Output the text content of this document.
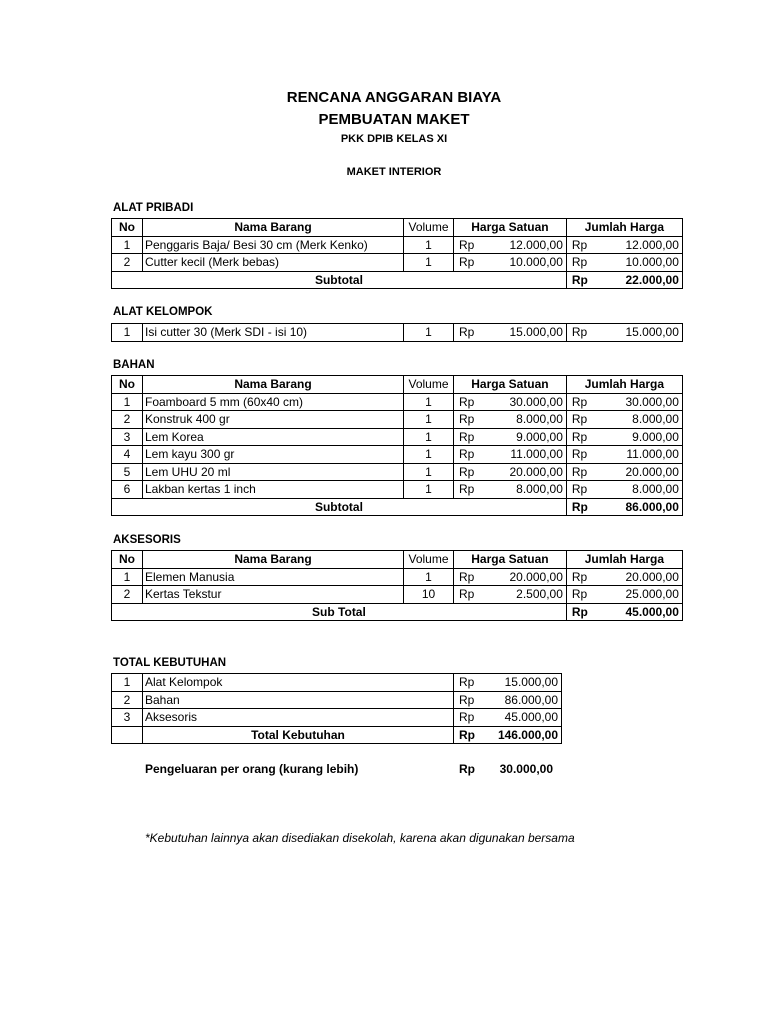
RENCANA ANGGARAN BIAYA
PEMBUATAN MAKET
PKK DPIB KELAS XI
MAKET INTERIOR
ALAT PRIBADI
No	Nama Barang	Volume	Harga Satuan		Jumlah Harga	
1	Penggaris Baja/ Besi 30 cm (Merk Kenko)	1	Rp	12.000,00	Rp	12.000,00
2	Cutter kecil (Merk bebas)	1	Rp	10.000,00	Rp	10.000,00
Subtotal					Rp	22.000,00
ALAT KELOMPOK
1	Isi cutter 30 (Merk SDI - isi 10)	1	Rp	15.000,00	Rp	15.000,00
BAHAN
No	Nama Barang	Volume	Harga Satuan		Jumlah Harga	
1	Foamboard 5 mm (60x40 cm)	1	Rp	30.000,00	Rp	30.000,00
2	Konstruk 400 gr	1	Rp	8.000,00	Rp	8.000,00
3	Lem Korea	1	Rp	9.000,00	Rp	9.000,00
4	Lem kayu 300 gr	1	Rp	11.000,00	Rp	11.000,00
5	Lem UHU 20 ml	1	Rp	20.000,00	Rp	20.000,00
6	Lakban kertas 1 inch	1	Rp	8.000,00	Rp	8.000,00
Subtotal					Rp	86.000,00
AKSESORIS
No	Nama Barang	Volume	Harga Satuan		Jumlah Harga	
1	Elemen Manusia	1	Rp	20.000,00	Rp	20.000,00
2	Kertas Tekstur	10	Rp	2.500,00	Rp	25.000,00
Sub Total					Rp	45.000,00
TOTAL KEBUTUHAN
1	Alat Kelompok	Rp	15.000,00
2	Bahan	Rp	86.000,00
3	Aksesoris	Rp	45.000,00
	Total Kebutuhan	Rp	146.000,00
Pengeluaran per orang (kurang lebih)	Rp	30.000,00
*Kebutuhan lainnya akan disediakan disekolah, karena akan digunakan bersama
